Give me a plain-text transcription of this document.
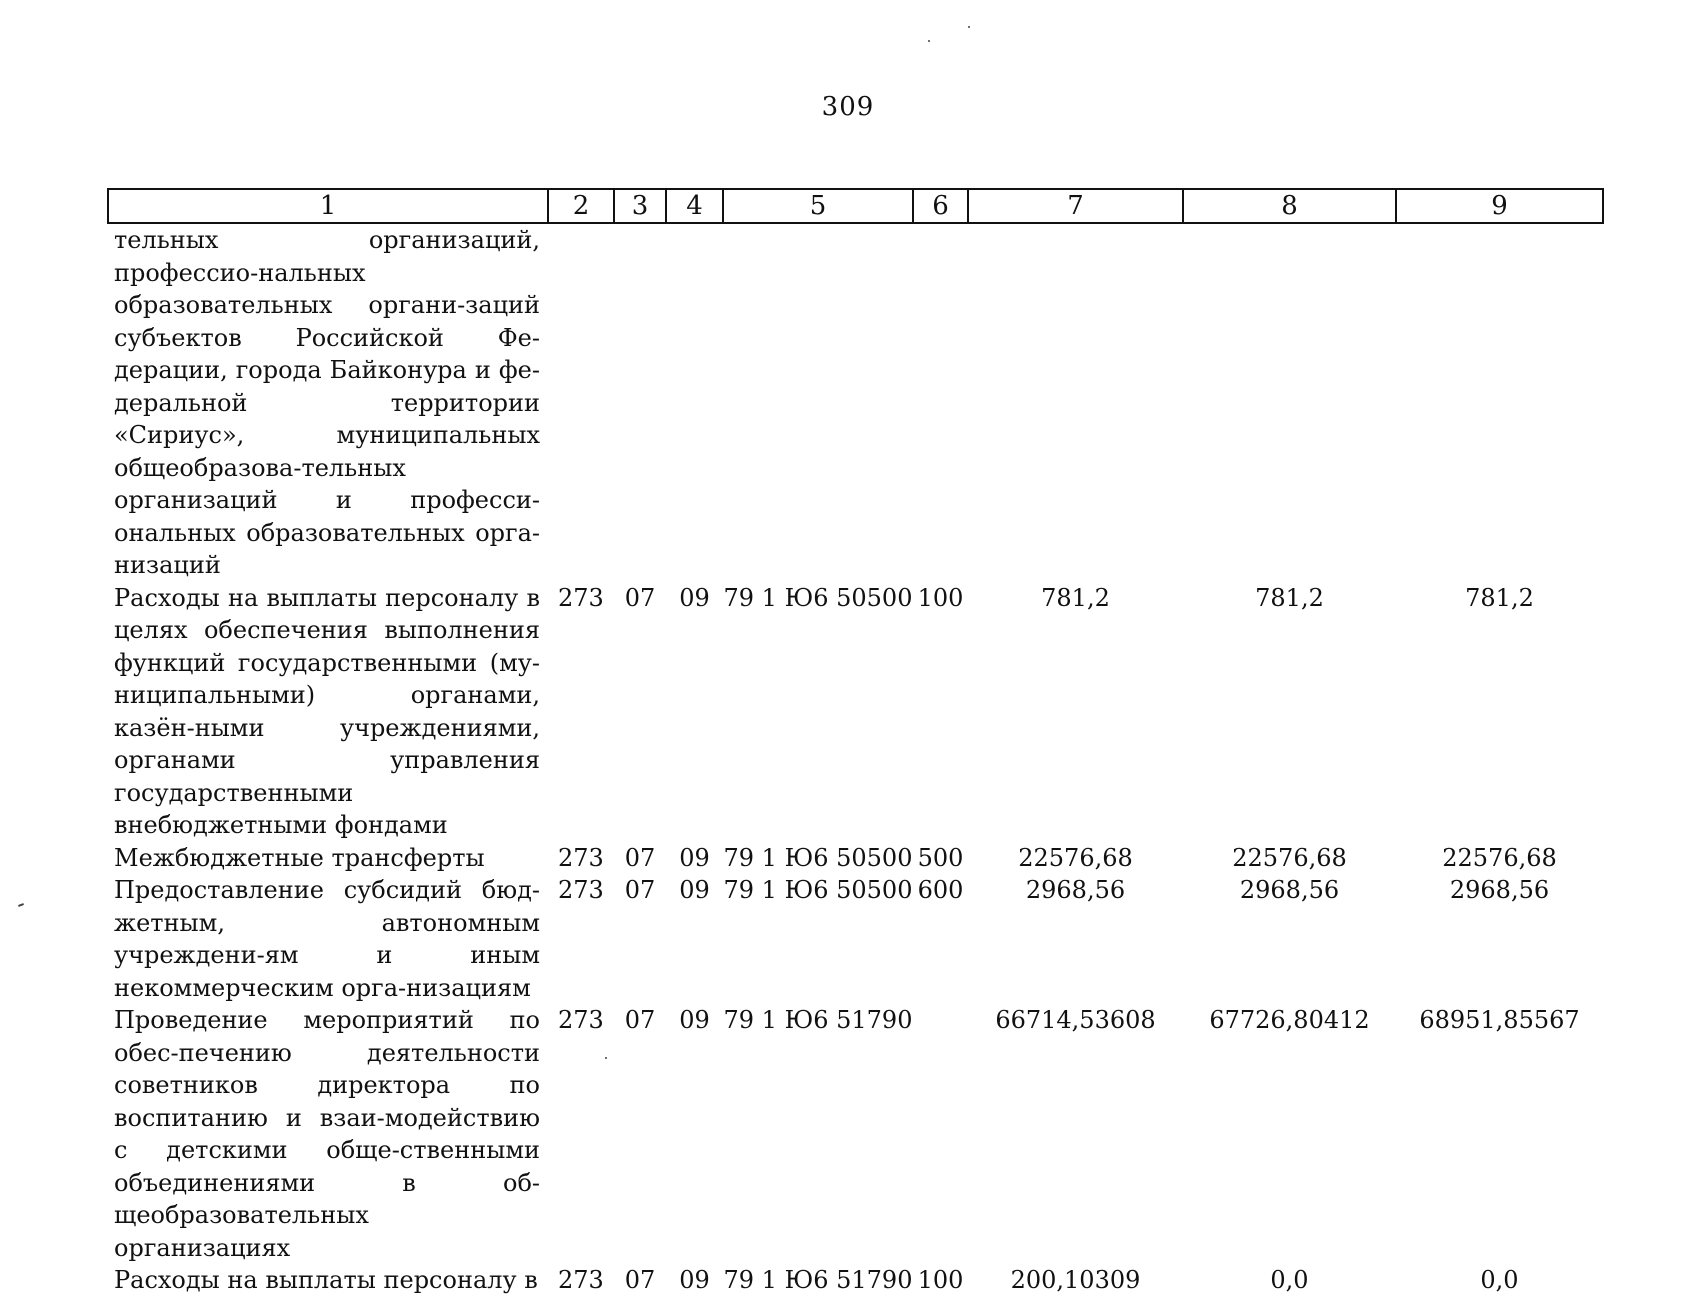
309
1	2	3	4	5	6	7	8	9
тельных организаций, профессио-нальных образовательных органи-заций субъектов Российской Фе-дерации, города Байконура и фе-деральной территории «Сириус», муниципальных общеобразова-тельных организаций и професси-ональных образовательных орга-низаций								
Расходы на выплаты персоналу в целях обеспечения выполнения функций государственными (му-ниципальными) органами, казён-ными учреждениями, органами управления государственными внебюджетными фондами	273	07	09	79 1 Ю6 50500	100	781,2	781,2	781,2
Межбюджетные трансферты	273	07	09	79 1 Ю6 50500	500	22576,68	22576,68	22576,68
Предоставление субсидий бюд-жетным, автономным учреждени-ям и иным некоммерческим орга-низациям	273	07	09	79 1 Ю6 50500	600	2968,56	2968,56	2968,56
Проведение мероприятий по обес-печению деятельности советников директора по воспитанию и взаи-модействию с детскими обще-ственными объединениями в об-щеобразовательных организациях	273	07	09	79 1 Ю6 51790		66714,53608	67726,80412	68951,85567
Расходы на выплаты персоналу в	273	07	09	79 1 Ю6 51790	100	200,10309	0,0	0,0
